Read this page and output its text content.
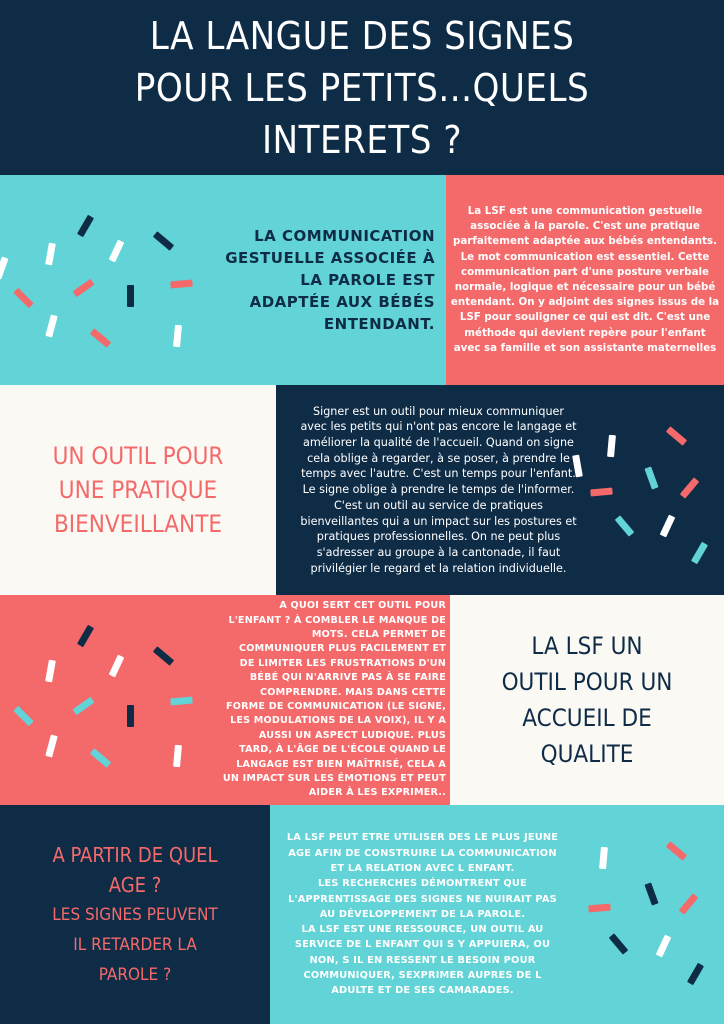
LA LANGUE DES SIGNES
POUR LES PETITS...QUELS
INTERETS ?
LA COMMUNICATION
GESTUELLE ASSOCIÉE À
LA PAROLE EST
ADAPTÉE AUX BÉBÉS
ENTENDANT.
La LSF est une communication gestuelle
associée à la parole. C'est une pratique
parfaitement adaptée aux bébés entendants.
Le mot communication est essentiel. Cette
communication part d'une posture verbale
normale, logique et nécessaire pour un bébé
entendant. On y adjoint des signes issus de la
LSF pour souligner ce qui est dit. C'est une
méthode qui devient repère pour l'enfant
avec sa famille et son assistante maternelles
UN OUTIL POUR
UNE PRATIQUE
BIENVEILLANTE
Signer est un outil pour mieux communiquer
avec les petits qui n'ont pas encore le langage et
améliorer la qualité de l'accueil. Quand on signe
cela oblige à regarder, à se poser, à prendre le
temps avec l'autre. C'est un temps pour l'enfant.
Le signe oblige à prendre le temps de l'informer.
C'est un outil au service de pratiques
bienveillantes qui a un impact sur les postures et
pratiques professionnelles. On ne peut plus
s'adresser au groupe à la cantonade, il faut
privilégier le regard et la relation individuelle.
A QUOI SERT CET OUTIL POUR
L'ENFANT ? À COMBLER LE MANQUE DE
MOTS. CELA PERMET DE
COMMUNIQUER PLUS FACILEMENT ET
DE LIMITER LES FRUSTRATIONS D'UN
BÉBÉ QUI N'ARRIVE PAS À SE FAIRE
COMPRENDRE. MAIS DANS CETTE
FORME DE COMMUNICATION (LE SIGNE,
LES MODULATIONS DE LA VOIX), IL Y A
AUSSI UN ASPECT LUDIQUE. PLUS
TARD, À L'ÂGE DE L'ÉCOLE QUAND LE
LANGAGE EST BIEN MAÎTRISÉ, CELA A
UN IMPACT SUR LES ÉMOTIONS ET PEUT
AIDER À LES EXPRIMER..
LA LSF UN
OUTIL POUR UN
ACCUEIL DE
QUALITE
A PARTIR DE QUEL
AGE ?
LES SIGNES PEUVENT
IL RETARDER LA
PAROLE ?
LA LSF PEUT ETRE UTILISER DES LE PLUS JEUNE
AGE AFIN DE CONSTRUIRE LA COMMUNICATION
ET LA RELATION AVEC L ENFANT.
LES RECHERCHES DÉMONTRENT QUE
L'APPRENTISSAGE DES SIGNES NE NUIRAIT PAS
AU DÉVELOPPEMENT DE LA PAROLE.
LA LSF EST UNE RESSOURCE, UN OUTIL AU
SERVICE DE L ENFANT QUI S Y APPUIERA, OU
NON, S IL EN RESSENT LE BESOIN POUR
COMMUNIQUER, SEXPRIMER AUPRES DE L
ADULTE ET DE SES CAMARADES.
